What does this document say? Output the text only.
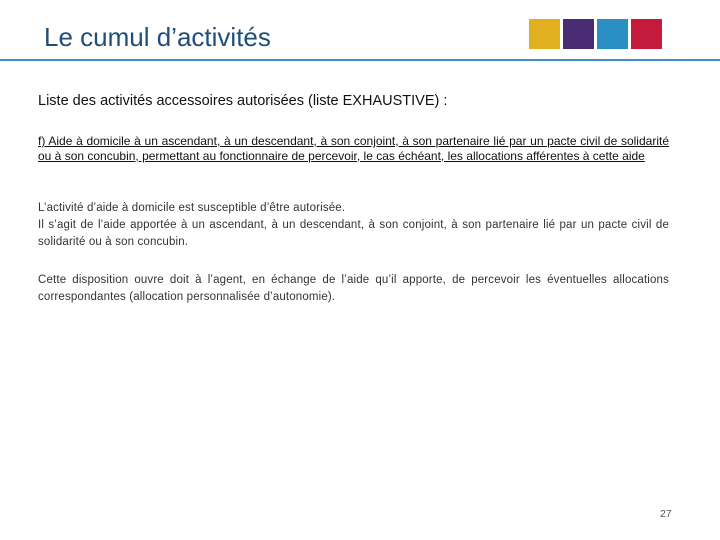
Le cumul d’activités
Liste des activités accessoires autorisées (liste EXHAUSTIVE) :
f) Aide à domicile à un ascendant, à un descendant, à son conjoint, à son partenaire lié par un pacte civil de solidarité ou à son concubin, permettant au fonctionnaire de percevoir, le cas échéant, les allocations afférentes à cette aide
L’activité d’aide à domicile est susceptible d’être autorisée.
Il s’agit de l’aide apportée à un ascendant, à un descendant, à son conjoint, à son partenaire lié par un pacte civil de solidarité ou à son concubin.
Cette disposition ouvre doit à l’agent, en échange de l’aide qu’il apporte, de percevoir les éventuelles allocations correspondantes (allocation personnalisée d’autonomie).
27
